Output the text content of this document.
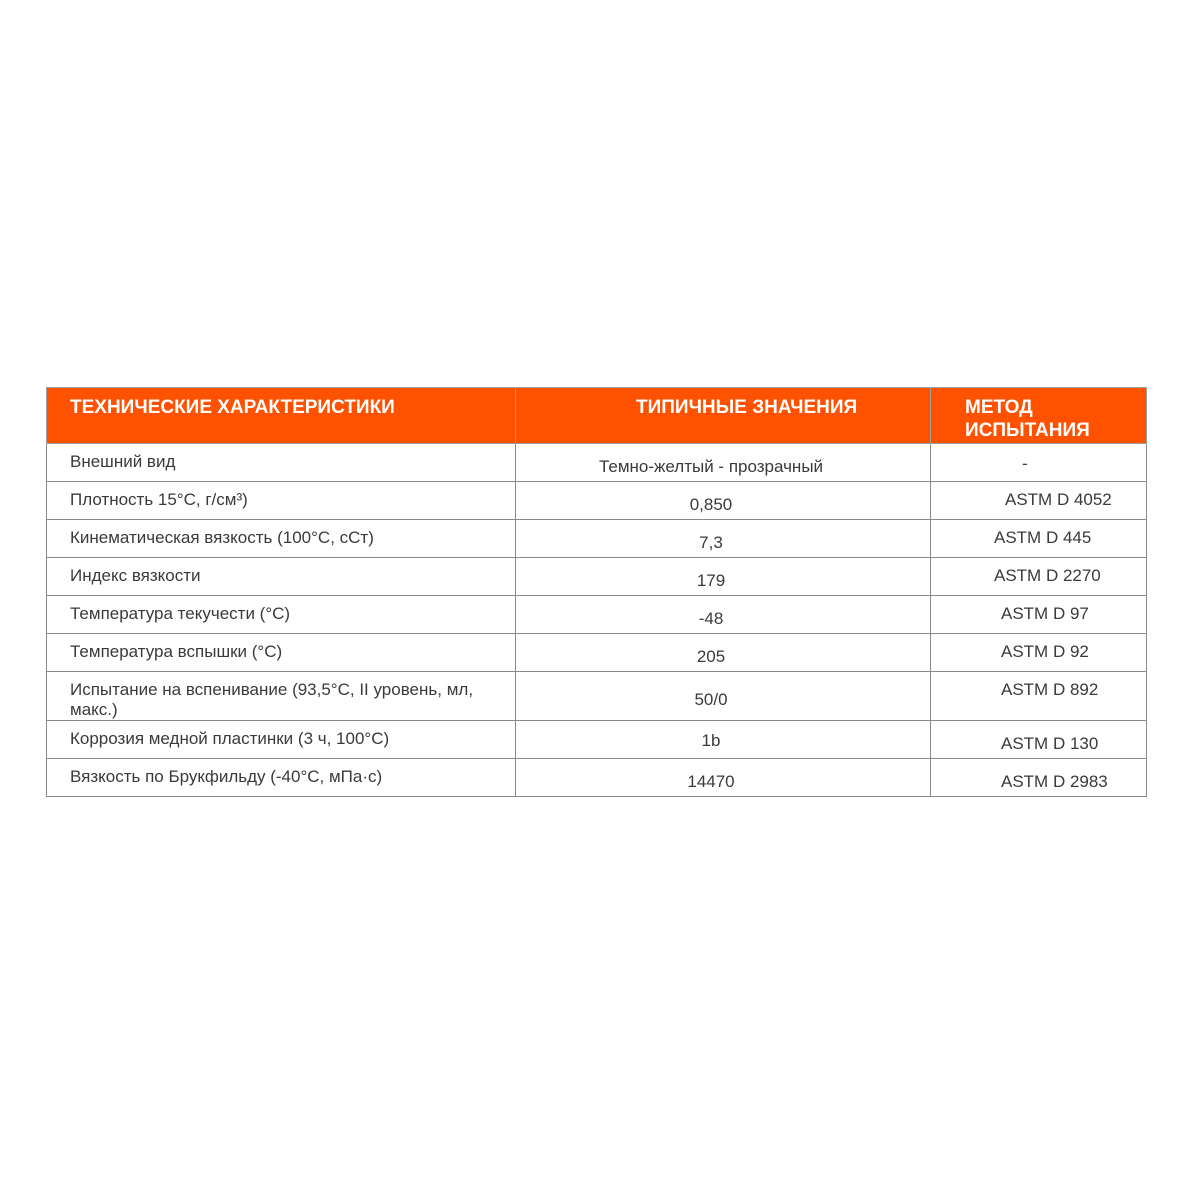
ТЕХНИЧЕСКИЕ ХАРАКТЕРИСТИКИ	ТИПИЧНЫЕ ЗНАЧЕНИЯ	МЕТОД
ИСПЫТАНИЯ

Внешний вид	Темно-желтый - прозрачный	-
Плотность 15°C, г/см³)	0,850	ASTM D 4052
Кинематическая вязкость (100°C, сСт)	7,3	ASTM D 445
Индекс вязкости	179	ASTM D 2270
Температура текучести (°C)	-48	ASTM D 97
Температура вспышки (°C)	205	ASTM D 92
Испытание на вспенивание (93,5°C, II уровень, мл, макс.)	50/0	ASTM D 892
Коррозия медной пластинки (3 ч, 100°C)	1b	ASTM D 130
Вязкость по Брукфильду (-40°C, мПа·с)	14470	ASTM D 2983
